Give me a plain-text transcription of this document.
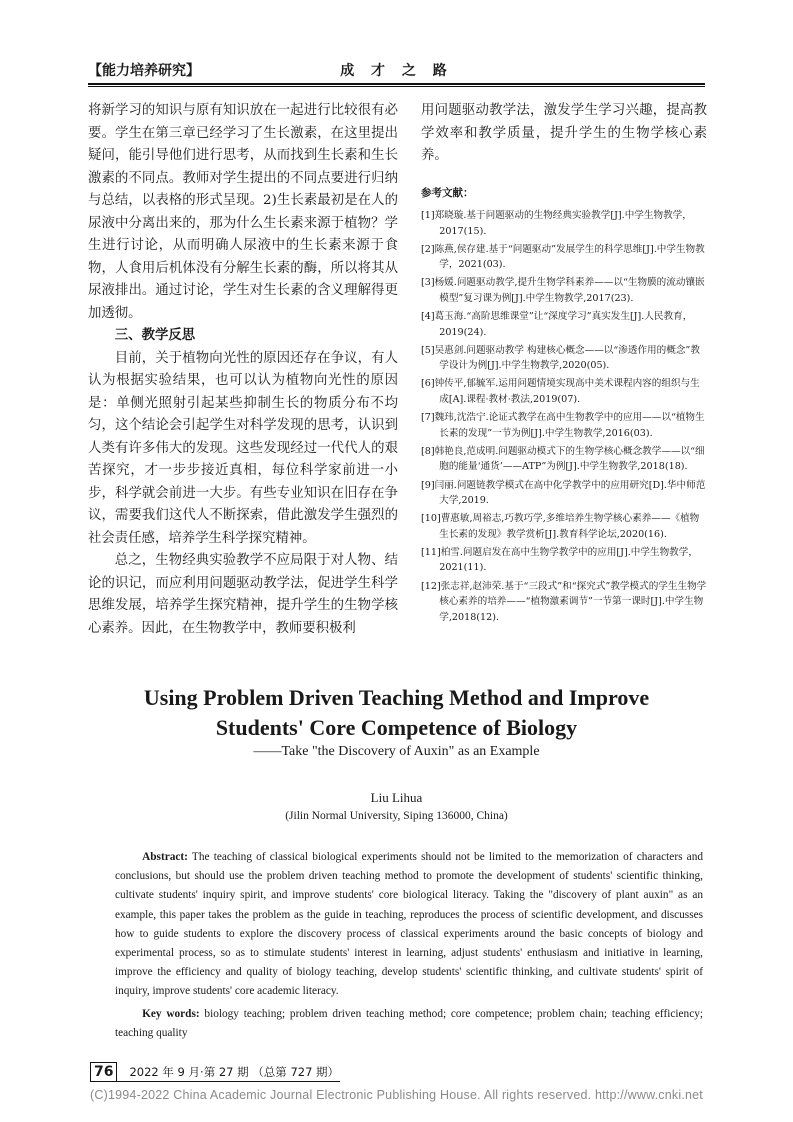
【能力培养研究】	成 才 之 路

将新学习的知识与原有知识放在一起进行比较很有必要。学生在第三章已经学习了生长激素，在这里提出疑问，能引导他们进行思考，从而找到生长素和生长激素的不同点。教师对学生提出的不同点要进行归纳与总结，以表格的形式呈现。2)生长素最初是在人的尿液中分离出来的，那为什么生长素来源于植物？学生进行讨论，从而明确人尿液中的生长素来源于食物，人食用后机体没有分解生长素的酶，所以将其从尿液排出。通过讨论，学生对生长素的含义理解得更加透彻。

三、教学反思

目前，关于植物向光性的原因还存在争议，有人认为根据实验结果，也可以认为植物向光性的原因是：单侧光照射引起某些抑制生长的物质分布不均匀，这个结论会引起学生对科学发现的思考，认识到人类有许多伟大的发现。这些发现经过一代代人的艰苦探究，才一步步接近真相，每位科学家前进一小步，科学就会前进一大步。有些专业知识在旧存在争议，需要我们这代人不断探索，借此激发学生强烈的社会责任感，培养学生科学探究精神。

总之，生物经典实验教学不应局限于对人物、结论的识记，而应利用问题驱动教学法，促进学生科学思维发展，培养学生探究精神，提升学生的生物学核心素养。因此，在生物教学中，教师要积极利

用问题驱动教学法，激发学生学习兴趣，提高教学效率和教学质量，提升学生的生物学核心素养。

参考文献：
[1]郑晓璇.基于问题驱动的生物经典实验教学[J].中学生物教学，2017(15).
[2]陈燕,侯存建.基于“问题驱动”发展学生的科学思维[J].中学生物教学，2021(03).
[3]杨媛.问题驱动教学,提升生物学科素养——以“生物膜的流动镶嵌模型”复习课为例[J].中学生物教学,2017(23).
[4]葛玉海.“高阶思维课堂”让“深度学习”真实发生[J].人民教育，2019(24).
[5]吴惠剑.问题驱动教学 构建核心概念——以“渗透作用的概念”教学设计为例[J].中学生物教学,2020(05).
[6]钟传平,郁毓军.运用问题情境实现高中美术课程内容的组织与生成[A].课程·教材·教法,2019(07).
[7]魏玮,沈浩宁.论证式教学在高中生物教学中的应用——以“植物生长素的发现”一节为例[J].中学生物教学,2016(03).
[8]韩艳良,范成明.问题驱动模式下的生物学核心概念教学——以“细胞的能量‘通货’——ATP”为例[J].中学生物教学,2018(18).
[9]闫丽.问题链教学模式在高中化学教学中的应用研究[D].华中师范大学,2019.
[10]曹惠敏,周裕志,巧教巧学,多维培养生物学核心素养——《植物生长素的发现》教学赏析[J].教育科学论坛,2020(16).
[11]柏雪.问题启发在高中生物学教学中的应用[J].中学生物教学，2021(11).
[12]张志祥,赵沛荣.基于“三段式”和“探究式”教学模式的学生生物学核心素养的培养——“植物激素调节”一节第一课时[J].中学生物学,2018(12).
Using Problem Driven Teaching Method and Improve
Students' Core Competence of Biology
——Take "the Discovery of Auxin" as an Example
Liu Lihua
(Jilin Normal University, Siping 136000, China)

Abstract: The teaching of classical biological experiments should not be limited to the memorization of characters and conclusions, but should use the problem driven teaching method to promote the development of students' scientific thinking, cultivate students' inquiry spirit, and improve students' core biological literacy. Taking the "discovery of plant auxin" as an example, this paper takes the problem as the guide in teaching, reproduces the process of scientific development, and discusses how to guide students to explore the discovery process of classical experiments around the basic concepts of biology and experimental process, so as to stimulate students' interest in learning, adjust students' enthusiasm and initiative in learning, improve the efficiency and quality of biology teaching, develop students' scientific thinking, and cultivate students' spirit of inquiry, improve students' core academic literacy.

Key words: biology teaching; problem driven teaching method; core competence; problem chain; teaching efficiency; teaching quality

76	2022 年 9 月·第 27 期 （总第 727 期）
(C)1994-2022 China Academic Journal Electronic Publishing House. All rights reserved. http://www.cnki.net
